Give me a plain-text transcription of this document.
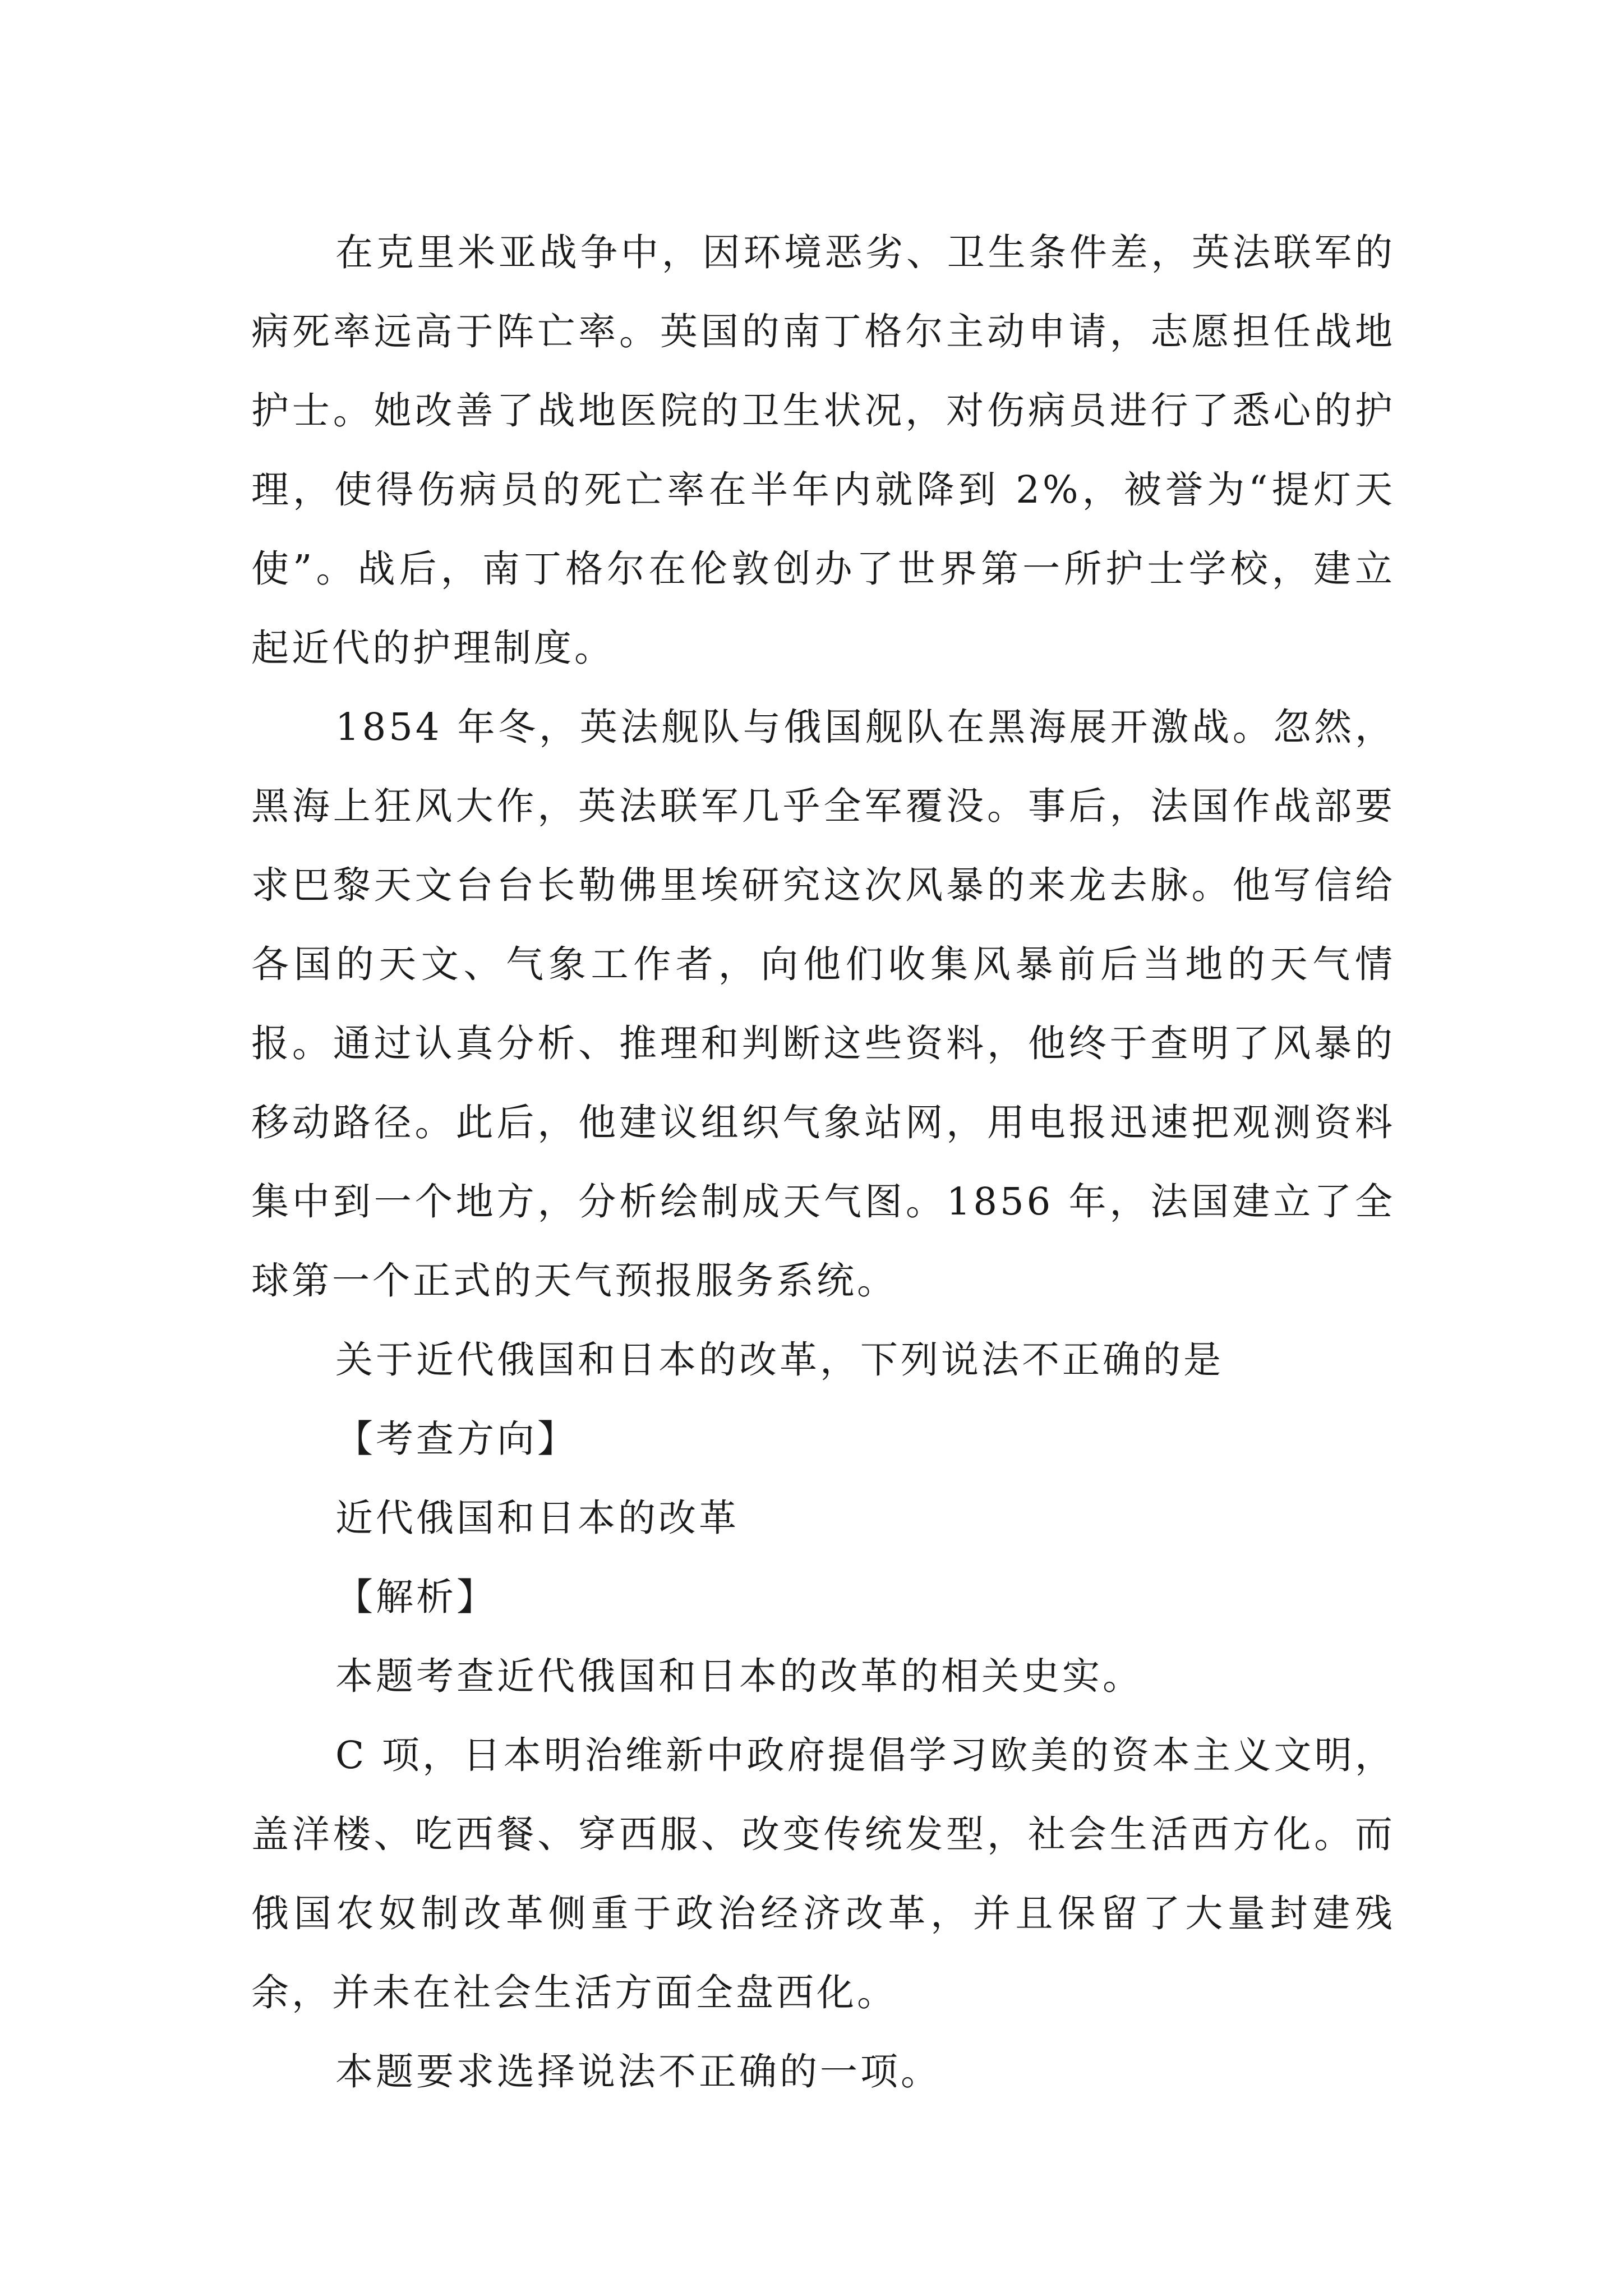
在克里米亚战争中，因环境恶劣、卫生条件差，英法联军的病死率远高于阵亡率。英国的南丁格尔主动申请，志愿担任战地护士。她改善了战地医院的卫生状况，对伤病员进行了悉心的护理，使得伤病员的死亡率在半年内就降到 2%，被誉为“提灯天使”。战后，南丁格尔在伦敦创办了世界第一所护士学校，建立起近代的护理制度。

1854 年冬，英法舰队与俄国舰队在黑海展开激战。忽然，黑海上狂风大作，英法联军几乎全军覆没。事后，法国作战部要求巴黎天文台台长勒佛里埃研究这次风暴的来龙去脉。他写信给各国的天文、气象工作者，向他们收集风暴前后当地的天气情报。通过认真分析、推理和判断这些资料，他终于查明了风暴的移动路径。此后，他建议组织气象站网，用电报迅速把观测资料集中到一个地方，分析绘制成天气图。1856 年，法国建立了全球第一个正式的天气预报服务系统。

关于近代俄国和日本的改革，下列说法不正确的是

【考查方向】

近代俄国和日本的改革

【解析】

本题考查近代俄国和日本的改革的相关史实。

C 项，日本明治维新中政府提倡学习欧美的资本主义文明，盖洋楼、吃西餐、穿西服、改变传统发型，社会生活西方化。而俄国农奴制改革侧重于政治经济改革，并且保留了大量封建残余，并未在社会生活方面全盘西化。

本题要求选择说法不正确的一项。
